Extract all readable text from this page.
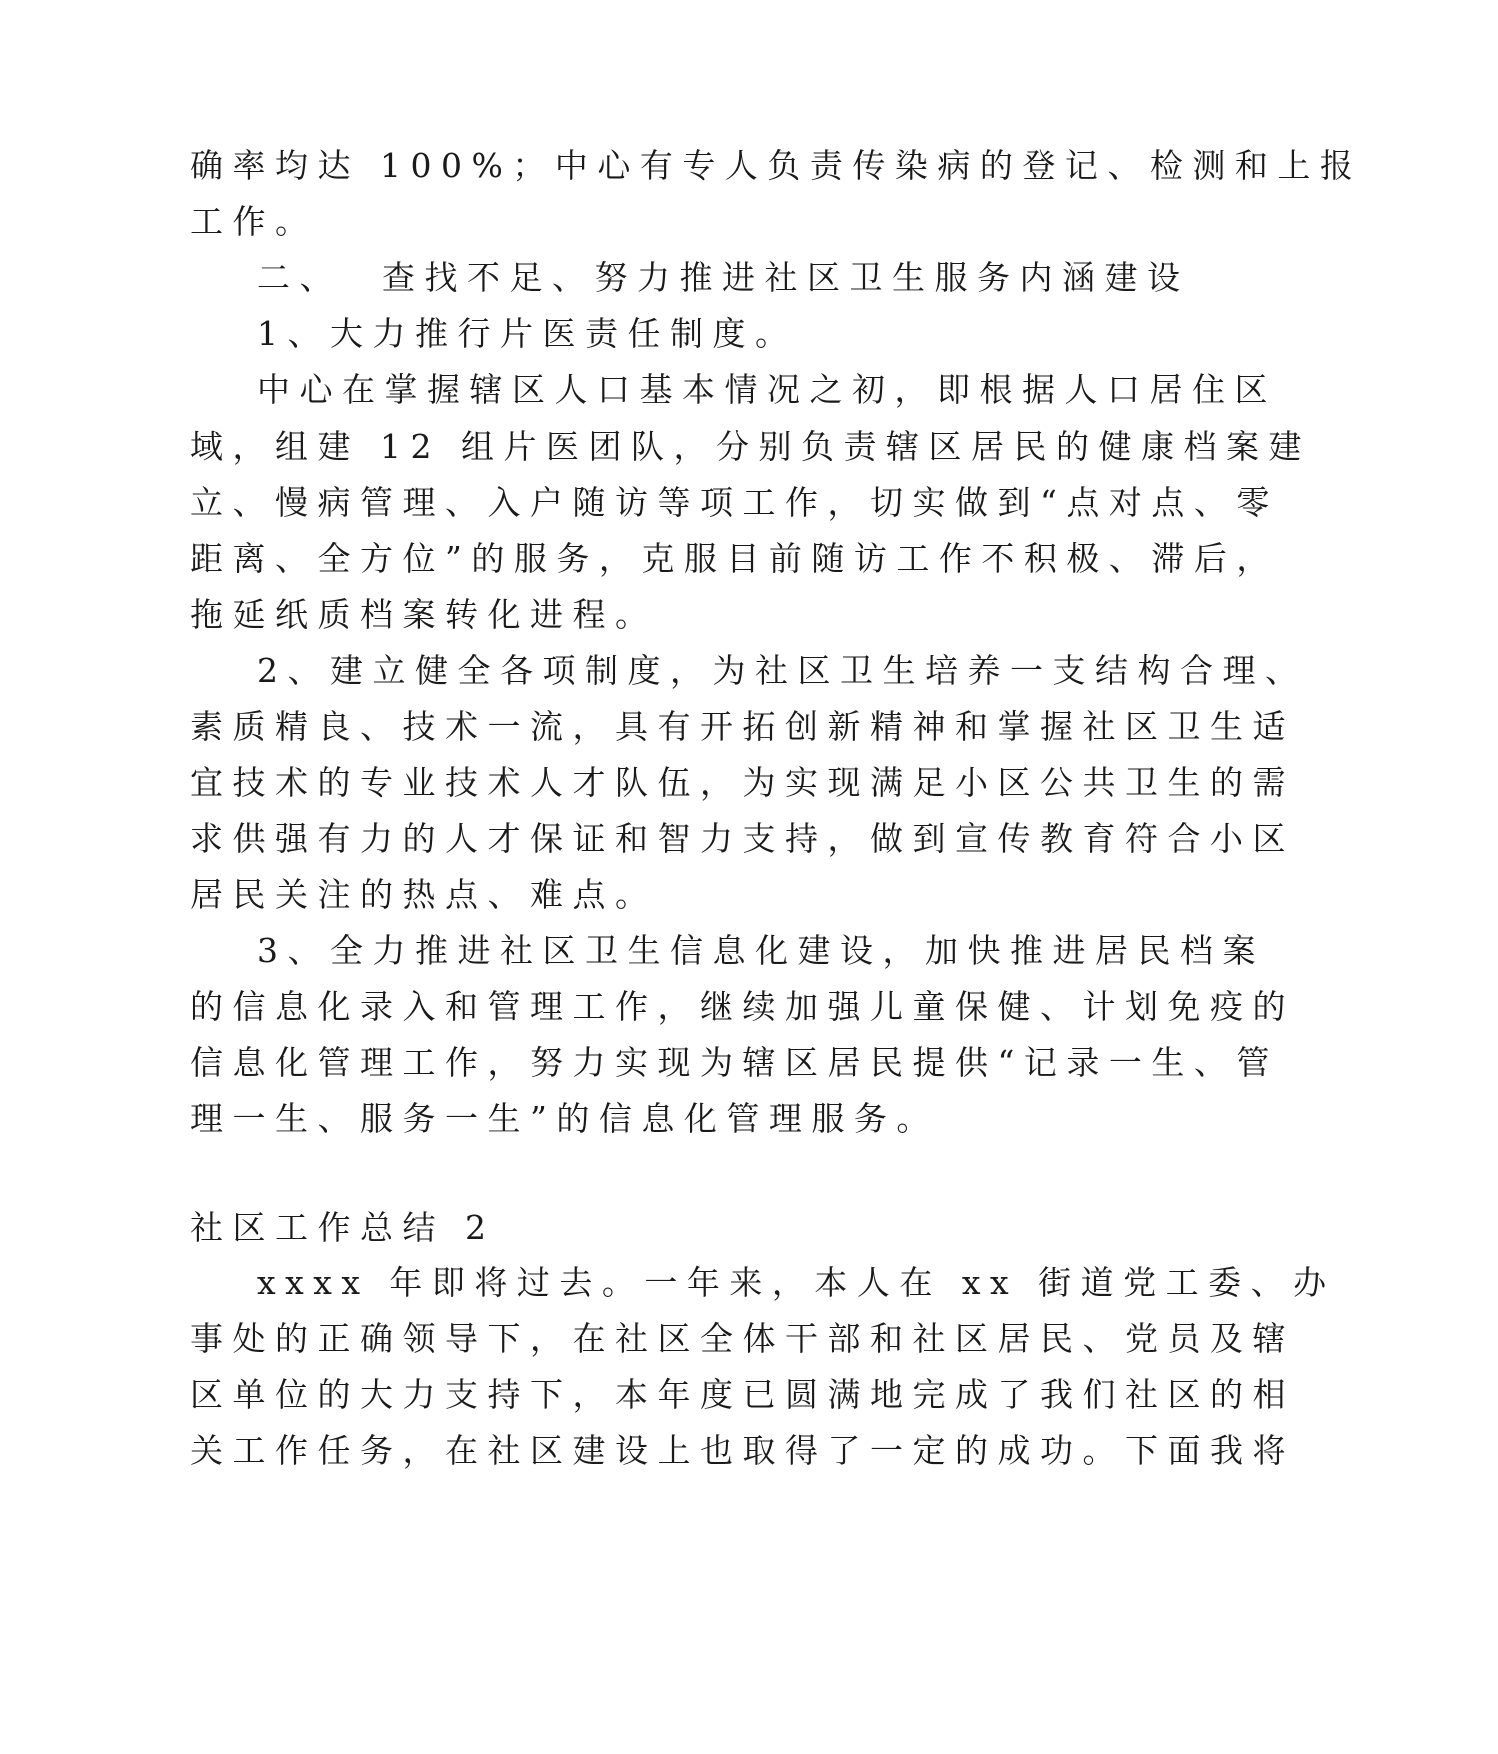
确率均达 100%；中心有专人负责传染病的登记、检测和上报
工作。
二、  查找不足、努力推进社区卫生服务内涵建设
1、大力推行片医责任制度。
中心在掌握辖区人口基本情况之初，即根据人口居住区
域，组建 12 组片医团队，分别负责辖区居民的健康档案建
立、慢病管理、入户随访等项工作，切实做到“点对点、零
距离、全方位”的服务，克服目前随访工作不积极、滞后，
拖延纸质档案转化进程。
2、建立健全各项制度，为社区卫生培养一支结构合理、
素质精良、技术一流，具有开拓创新精神和掌握社区卫生适
宜技术的专业技术人才队伍，为实现满足小区公共卫生的需
求供强有力的人才保证和智力支持，做到宣传教育符合小区
居民关注的热点、难点。
3、全力推进社区卫生信息化建设，加快推进居民档案
的信息化录入和管理工作，继续加强儿童保健、计划免疫的
信息化管理工作，努力实现为辖区居民提供“记录一生、管
理一生、服务一生”的信息化管理服务。
社区工作总结 2
xxxx 年即将过去。一年来，本人在 xx 街道党工委、办
事处的正确领导下，在社区全体干部和社区居民、党员及辖
区单位的大力支持下，本年度已圆满地完成了我们社区的相
关工作任务，在社区建设上也取得了一定的成功。下面我将
